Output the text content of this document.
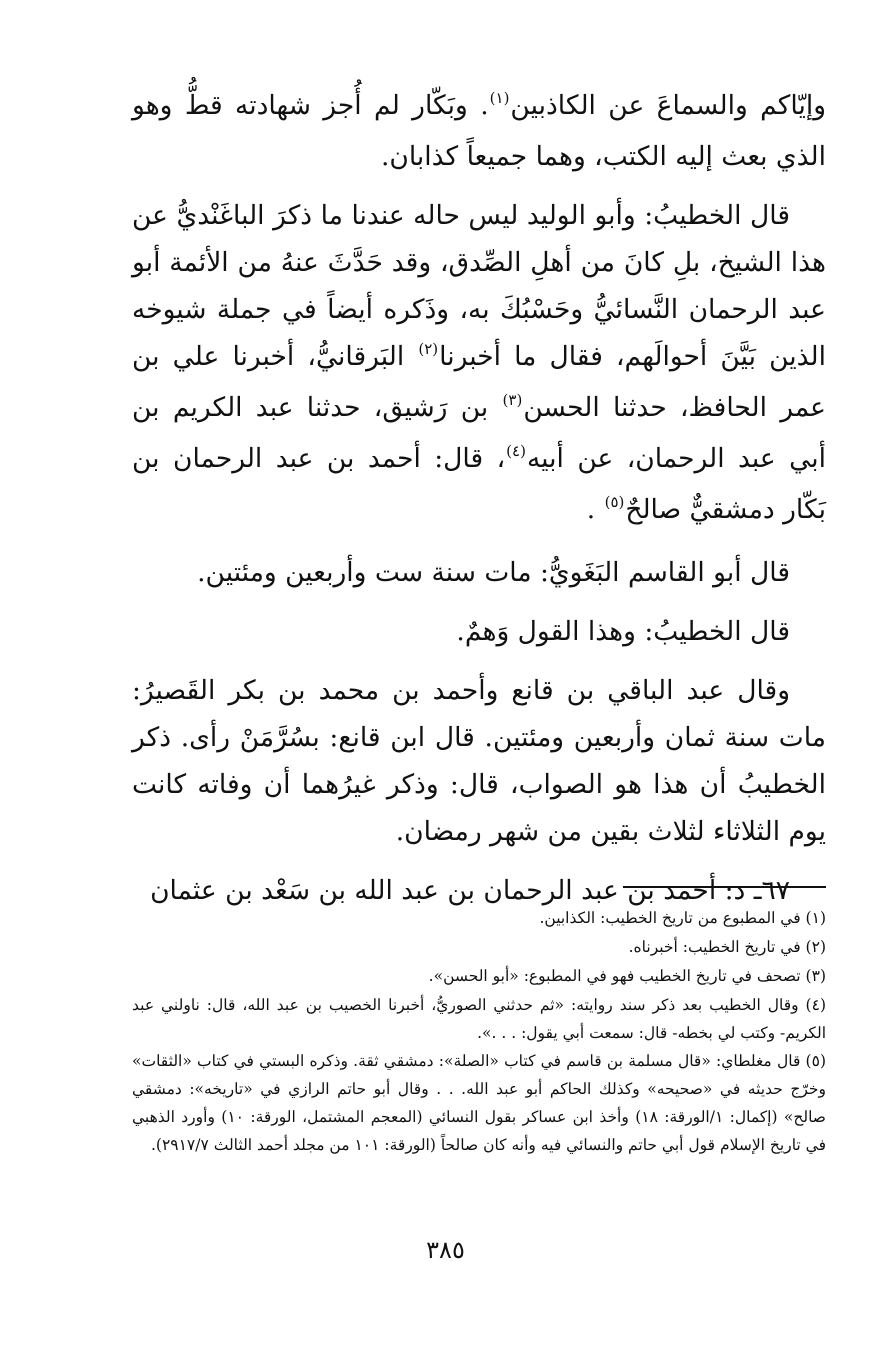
وإيّاكم والسماعَ عن الكاذبين$^{(١)}$. وبَكّار لم أُجز شهادته قطُّ وهو الذي بعث إليه الكتب، وهما جميعاً كذابان.

قال الخطيبُ: وأبو الوليد ليس حاله عندنا ما ذكرَ الباغَنْديُّ عن هذا الشيخ، بلِ كانَ من أهلِ الصِّدق، وقد حَدَّثَ عنهُ من الأئمة أبو عبد الرحمان النَّسائيُّ وحَسْبُكَ به، وذَكره أيضاً في جملة شيوخه الذين بَيَّنَ أحوالَهم، فقال ما أخبرنا$^{(٢)}$ البَرقانيُّ، أخبرنا علي بن عمر الحافظ، حدثنا الحسن$^{(٣)}$ بن رَشيق، حدثنا عبد الكريم بن أبي عبد الرحمان، عن أبيه$^{(٤)}$، قال: أحمد بن عبد الرحمان بن بَكّار دمشقيٌّ صالحٌ$^{(٥)}$ .

قال أبو القاسم البَغَويُّ: مات سنة ست وأربعين ومئتين.

قال الخطيبُ: وهذا القول وَهمٌ.

وقال عبد الباقي بن قانع وأحمد بن محمد بن بكر القَصيرُ: مات سنة ثمان وأربعين ومئتين. قال ابن قانع: بسُرَّمَنْ رأى. ذكر الخطيبُ أن هذا هو الصواب، قال: وذكر غيرُهما أن وفاته كانت يوم الثلاثاء لثلاث بقين من شهر رمضان.

٦٧ـ د: أحمد بن عبد الرحمان بن عبد الله بن سَعْد بن عثمان

(١) في المطبوع من تاريخ الخطيب: الكذابين.

(٢) في تاريخ الخطيب: أخبرناه.

(٣) تصحف في تاريخ الخطيب فهو في المطبوع: «أبو الحسن».

(٤) وقال الخطيب بعد ذكر سند روايته: «ثم حدثني الصوريُّ، أخبرنا الخصيب بن عبد الله، قال: ناولني عبد الكريم- وكتب لي بخطه- قال: سمعت أبي يقول: . . .».

(٥) قال مغلطاي: «قال مسلمة بن قاسم في كتاب «الصلة»: دمشقي ثقة. وذكره البستي في كتاب «الثقات» وخرّج حديثه في «صحيحه» وكذلك الحاكم أبو عبد الله. . . وقال أبو حاتم الرازي في «تاريخه»: دمشقي صالح» (إكمال: ١/الورقة: ١٨) وأخذ ابن عساكر بقول النسائي (المعجم المشتمل، الورقة: ١٠) وأورد الذهبي في تاريخ الإسلام قول أبي حاتم والنسائي فيه وأنه كان صالحاً (الورقة: ١٠١ من مجلد أحمد الثالث ٢٩١٧/٧).

٣٨٥
